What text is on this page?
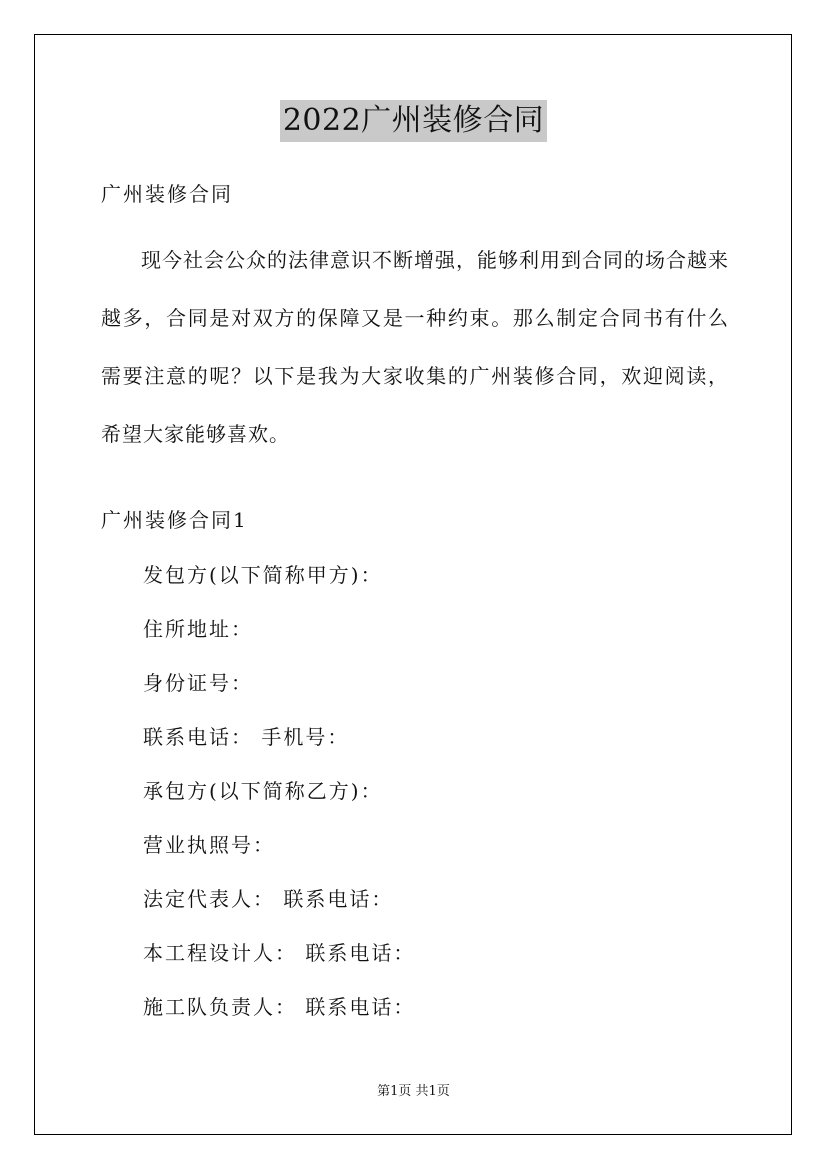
2022广州装修合同
广州装修合同

现今社会公众的法律意识不断增强，能够利用到合同的场合越来越多，合同是对双方的保障又是一种约束。那么制定合同书有什么需要注意的呢？以下是我为大家收集的广州装修合同，欢迎阅读，希望大家能够喜欢。

广州装修合同1
发包方(以下简称甲方)：
住所地址：
身份证号：
联系电话： 手机号：
承包方(以下简称乙方)：
营业执照号：
法定代表人： 联系电话：
本工程设计人： 联系电话：
施工队负责人： 联系电话：
第1页 共1页
